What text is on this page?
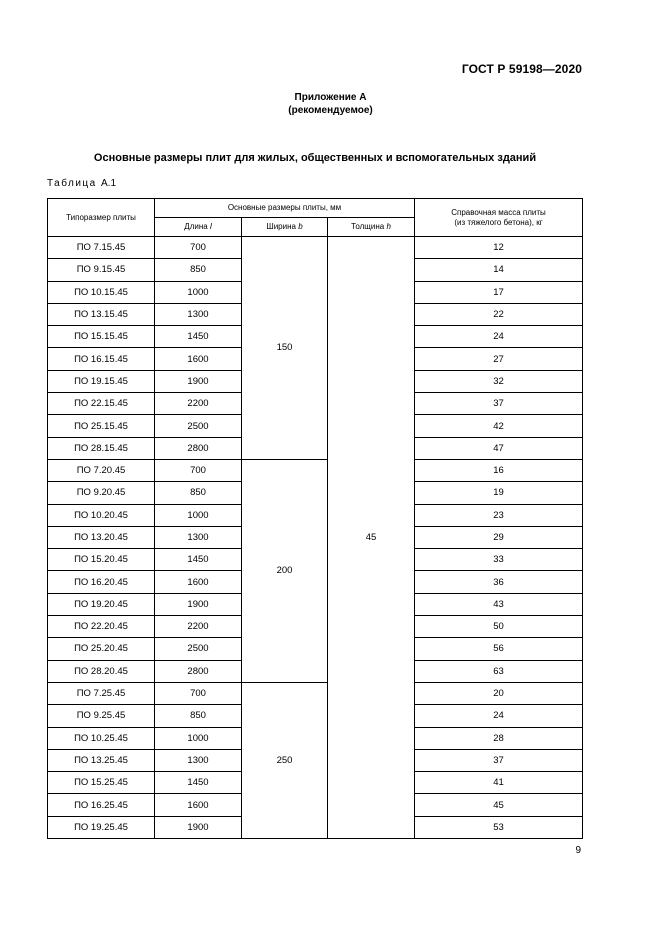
ГОСТ Р 59198—2020
Приложение А
(рекомендуемое)
Основные размеры плит для жилых, общественных и вспомогательных зданий
Таблица А.1
Типоразмер плиты	Основные размеры плиты, мм			Справочная масса плиты
(из тяжелого бетона), кг

	Длина l	Ширина b	Толщина h	
ПО 7.15.45	700	150	45	12
ПО 9.15.45	850			14
ПО 10.15.45	1000			17
ПО 13.15.45	1300			22
ПО 15.15.45	1450			24
ПО 16.15.45	1600			27
ПО 19.15.45	1900			32
ПО 22.15.45	2200			37
ПО 25.15.45	2500			42
ПО 28.15.45	2800			47
ПО 7.20.45	700	200		16
ПО 9.20.45	850			19
ПО 10.20.45	1000			23
ПО 13.20.45	1300			29
ПО 15.20.45	1450			33
ПО 16.20.45	1600			36
ПО 19.20.45	1900			43
ПО 22.20.45	2200			50
ПО 25.20.45	2500			56
ПО 28.20.45	2800			63
ПО 7.25.45	700	250		20
ПО 9.25.45	850			24
ПО 10.25.45	1000			28
ПО 13.25.45	1300			37
ПО 15.25.45	1450			41
ПО 16.25.45	1600			45
ПО 19.25.45	1900			53
9
